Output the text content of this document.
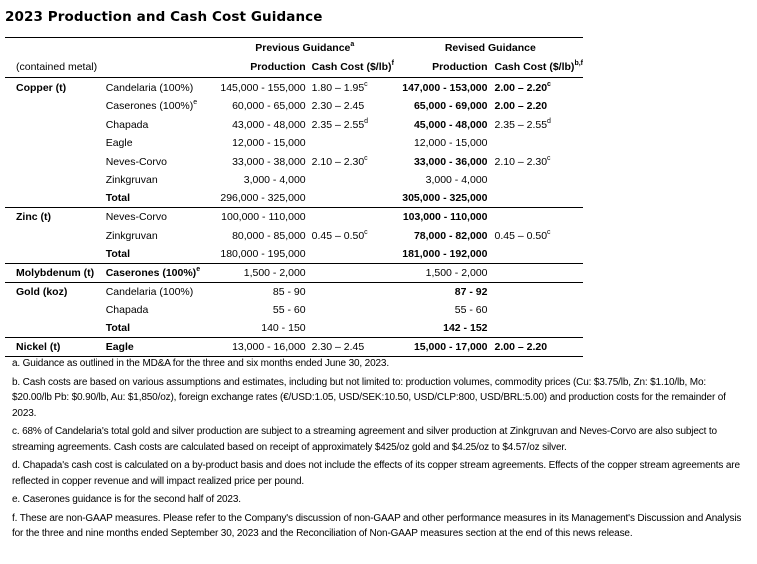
2023 Production and Cash Cost Guidance
		Previous Guidance$^a$		Revised Guidance	
(contained metal)		Production	Cash Cost ($/lb)$^f$	Production	Cash Cost ($/lb)$^{b,f}$
Copper (t)	Candelaria (100%)	145,000 - 155,000	1.80 – 1.95$^c$	147,000 - 153,000	2.00 – 2.20$^c$
	Caserones $(100\%)^e$	60,000 - 65,000	2.30 – 2.45	65,000 - 69,000	2.00 – 2.20
	Chapada	43,000 - 48,000	2.35 – 2.55$^d$	45,000 - 48,000	2.35 – 2.55$^d$
	Eagle	12,000 - 15,000		12,000 - 15,000	
	Neves-Corvo	33,000 - 38,000	2.10 – 2.30$^c$	33,000 - 36,000	2.10 – 2.30$^c$
	Zinkgruvan	3,000 - 4,000		3,000 - 4,000	
	Total	296,000 - 325,000		305,000 - 325,000	
Zinc (t)	Neves-Corvo	100,000 - 110,000		103,000 - 110,000	
	Zinkgruvan	80,000 - 85,000	0.45 – 0.50$^c$	78,000 - 82,000	0.45 – 0.50$^c$
	Total	180,000 - 195,000		181,000 - 192,000	
Molybdenum (t)	Caserones $(100\%)^e$	1,500 - 2,000		1,500 - 2,000	
Gold (koz)	Candelaria (100%)	85 - 90		87 - 92	
	Chapada	55 - 60		55 - 60	
	Total	140 - 150		142 - 152	
Nickel (t)	Eagle	13,000 - 16,000	2.30 – 2.45	15,000 - 17,000	2.00 – 2.20

a. Guidance as outlined in the MD&A for the three and six months ended June 30, 2023.

b. Cash costs are based on various assumptions and estimates, including but not limited to: production volumes, commodity prices (Cu: $3.75/lb, Zn: $1.10/lb, Mo: $20.00/lb Pb: $0.90/lb, Au: $1,850/oz), foreign exchange rates (€/USD:1.05, USD/SEK:10.50, USD/CLP:800, USD/BRL:5.00) and production costs for the remainder of 2023.

c. 68% of Candelaria's total gold and silver production are subject to a streaming agreement and silver production at Zinkgruvan and Neves-Corvo are also subject to streaming agreements. Cash costs are calculated based on receipt of approximately $425/oz gold and $4.25/oz to $4.57/oz silver.

d. Chapada's cash cost is calculated on a by-product basis and does not include the effects of its copper stream agreements. Effects of the copper stream agreements are reflected in copper revenue and will impact realized price per pound.

e. Caserones guidance is for the second half of 2023.

f. These are non-GAAP measures. Please refer to the Company's discussion of non-GAAP and other performance measures in its Management's Discussion and Analysis for the three and nine months ended September 30, 2023 and the Reconciliation of Non-GAAP measures section at the end of this news release.
